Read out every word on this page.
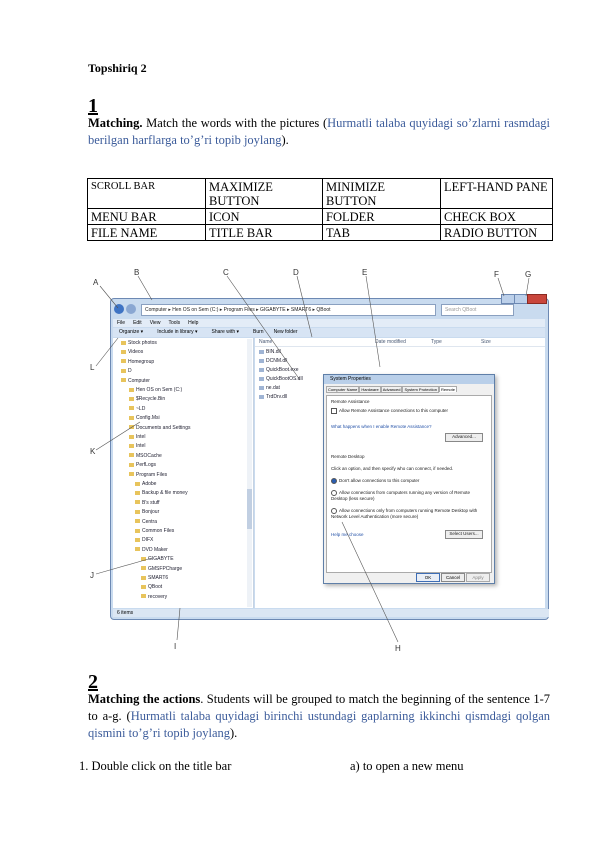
Topshiriq 2
1
Matching. Match the words with the pictures (Hurmatli talaba quyidagi so’zlarni rasmdagi berilgan harflarga to’g’ri topib joylang).
SCROLL BAR	MAXIMIZE BUTTON	MINIMIZE BUTTON	LEFT-HAND PANE
MENU BAR	ICON	FOLDER	CHECK BOX
FILE NAME	TITLE BAR	TAB	RADIO BUTTON
Computer ▸ Hen OS on Sem (C:) ▸ Program Files ▸ GIGABYTE ▸ SMART6 ▸ QBoot	Search QBoot
File Edit View Tools Help
Organize ▾	Include in library ▾	Share with ▾	Burn New folder
Stock photos
Videos
Homegroup
D
Computer
Hen OS on Sem (C:)
$Recycle.Bin
~LD
Config.Msi
Documents and Settings
Intel
Intel
MSOCache
PerfLogs
Program Files
Adobe
Backup & file money
B's stuff
Bonjour
Centra
Common Files
DIFX
DVD Maker
GIGABYTE
GMSFPCharge
SMART6
QBoot
recovery
Name	Date modified	Type	Size
BIN.dll
DCNM.dll
QuickBoot.exe
QuickBootOS.dll
ne.dat
TrdDrv.dll
6 items
System Properties
Computer Name Hardware Advanced System Protection Remote
Remote Assistance
Allow Remote Assistance connections to this computer
What happens when I enable Remote Assistance?
Advanced...
Remote Desktop
Click an option, and then specify who can connect, if needed.
Don't allow connections to this computer
Allow connections from computers running any version of Remote Desktop (less secure)
Allow connections only from computers running Remote Desktop with Network Level Authentication (more secure)
Help me choose	Select Users...
OK	Cancel	Apply
A
B	C	D	E	F	G
H
I
J
K
L
2
Matching the actions. Students will be grouped to match the beginning of the sentence 1-7 to a-g. (Hurmatli talaba quyidagi birinchi ustundagi gaplarning ikkinchi qismdagi qolgan qismini to’g’ri topib joylang).
1. Double click on the title bar	a) to open a new menu
